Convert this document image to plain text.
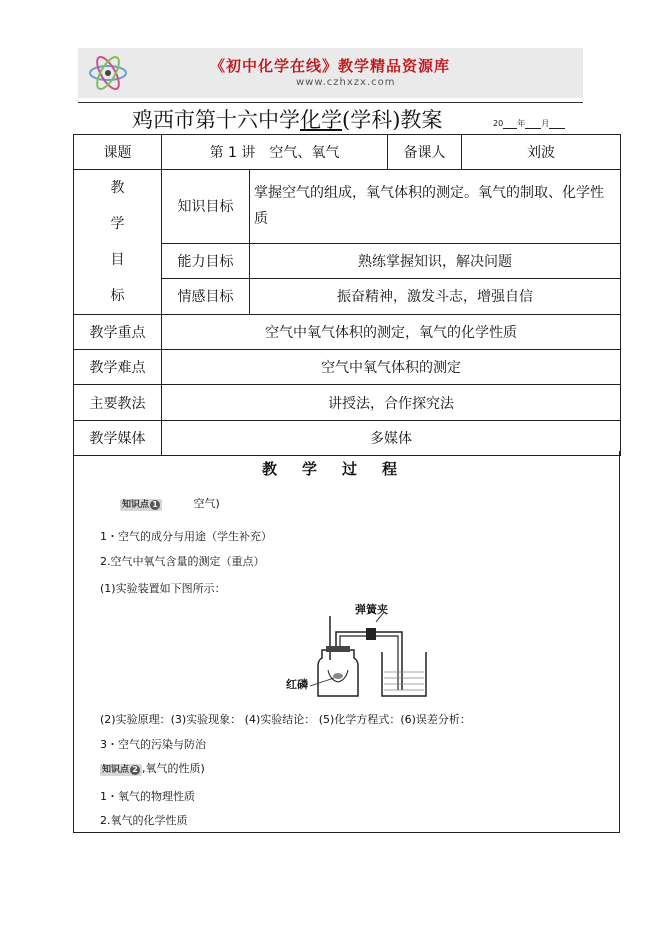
《初中化学在线》教学精品资源库
www.czhxzx.com
鸡西市第十六中学化学(学科)教案	20 年 月
课题	第 1 讲　空气、氧气		备课人	刘波

教
学
目
标	知识目标	掌握空气的组成，氧气体积的测定。氧气的制取、化学性质		
	能力目标	熟练掌握知识，解决问题		
	情感目标	振奋精神，激发斗志，增强自信		
教学重点	空气中氧气体积的测定，氧气的化学性质			
教学难点	空气中氧气体积的测定			
主要教法	讲授法，合作探究法			
教学媒体	多媒体			
教 学 过 程
知识点 1	空气)
1・空气的成分与用途（学生补充）
2.空气中氧气含量的测定（重点）
(1)实验装置如下图所示：
弹簧夹
红磷
(2)实验原理：(3)实验现象： (4)实验结论： (5)化学方程式：(6)误差分析：
3・空气的污染与防治
知识点 2 ,氧气的性质)
1・氧气的物理性质
2.氧气的化学性质
